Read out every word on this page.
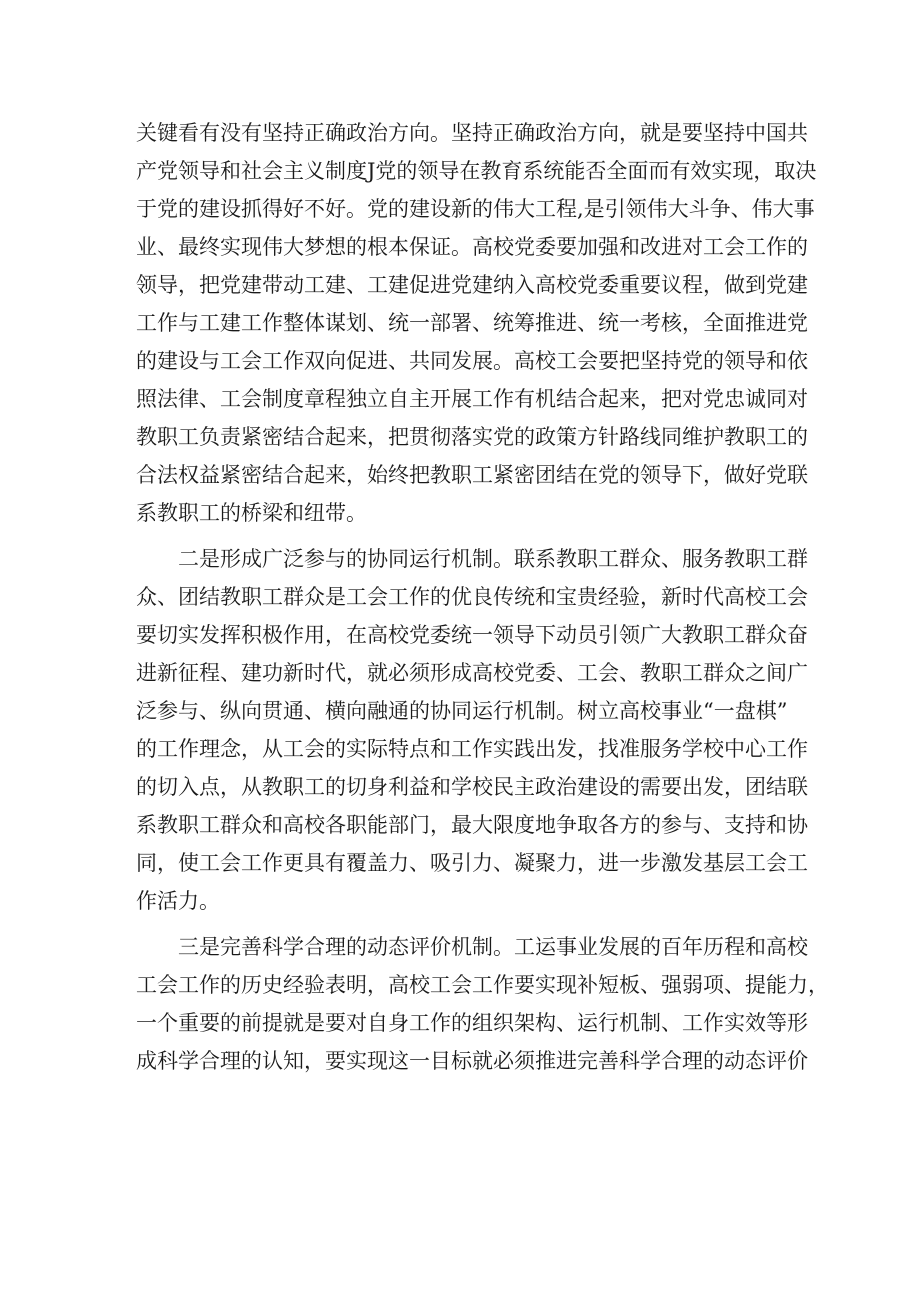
关键看有没有坚持正确政治方向。坚持正确政治方向，就是要坚持中国共
产党领导和社会主义制度J党的领导在教育系统能否全面而有效实现，取决
于党的建设抓得好不好。党的建设新的伟大工程,是引领伟大斗争、伟大事
业、最终实现伟大梦想的根本保证。高校党委要加强和改进对工会工作的
领导，把党建带动工建、工建促进党建纳入高校党委重要议程，做到党建
工作与工建工作整体谋划、统一部署、统筹推进、统一考核，全面推进党
的建设与工会工作双向促进、共同发展。高校工会要把坚持党的领导和依
照法律、工会制度章程独立自主开展工作有机结合起来，把对党忠诚同对
教职工负责紧密结合起来，把贯彻落实党的政策方针路线同维护教职工的
合法权益紧密结合起来，始终把教职工紧密团结在党的领导下，做好党联
系教职工的桥梁和纽带。
二是形成广泛参与的协同运行机制。联系教职工群众、服务教职工群
众、团结教职工群众是工会工作的优良传统和宝贵经验，新时代高校工会
要切实发挥积极作用，在高校党委统一领导下动员引领广大教职工群众奋
进新征程、建功新时代，就必须形成高校党委、工会、教职工群众之间广
泛参与、纵向贯通、横向融通的协同运行机制。树立高校事业“一盘棋”
的工作理念，从工会的实际特点和工作实践出发，找准服务学校中心工作
的切入点，从教职工的切身利益和学校民主政治建设的需要出发，团结联
系教职工群众和高校各职能部门，最大限度地争取各方的参与、支持和协
同，使工会工作更具有覆盖力、吸引力、凝聚力，进一步激发基层工会工
作活力。
三是完善科学合理的动态评价机制。工运事业发展的百年历程和高校
工会工作的历史经验表明，高校工会工作要实现补短板、强弱项、提能力，
一个重要的前提就是要对自身工作的组织架构、运行机制、工作实效等形
成科学合理的认知，要实现这一目标就必须推进完善科学合理的动态评价
